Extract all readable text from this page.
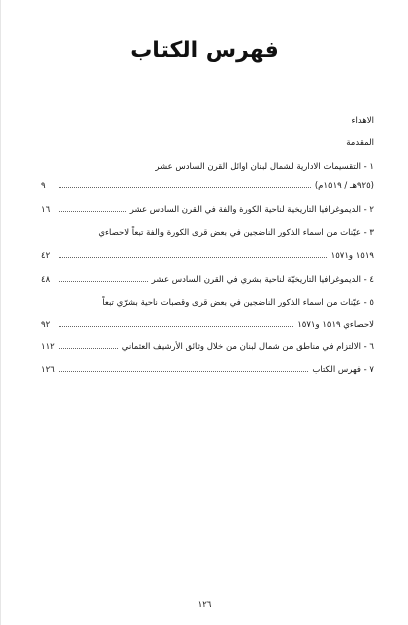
فهرس الكتاب
الاهداء
المقدمة
١ - التقسيمات الادارية لشمال لبنان اوائل القرن السادس عشر
(٩٢٥هـ / ١٥١٩م)
٩
٢ - الديموغرافيا التاريخية لناحية الكورة والفة في القرن السادس عشر
١٦
٣ - عيّنات من اسماء الذكور الناضجين في بعض قرى الكورة والفة تبعاً لاحصاءي
١٥١٩ و١٥٧١
٤٢
٤ - الديموغرافيا التاريخيّة لناحية بشري في القرن السادس عشر
٤٨
٥ - عيّنات من اسماء الذكور الناضجين في بعض قرى وقصبات ناحية بشرّي تبعاً
لاحصاءي ١٥١٩ و١٥٧١
٩٢
٦ - الالتزام في مناطق من شمال لبنان من خلال وثائق الأرشيف العثماني
١١٢
٧ - فهرس الكتاب
١٢٦
١٢٦
